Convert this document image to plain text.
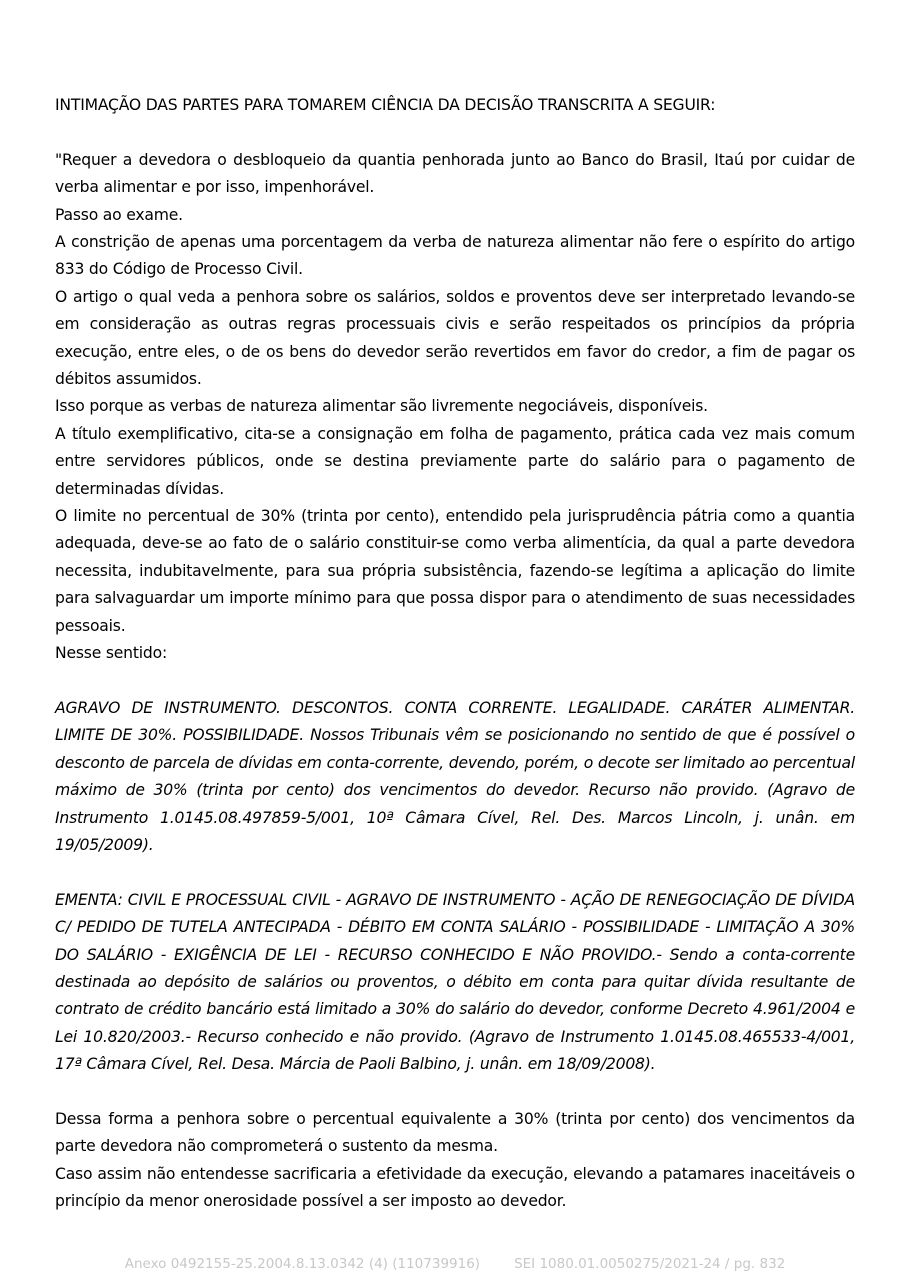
INTIMAÇÃO DAS PARTES PARA TOMAREM CIÊNCIA DA DECISÃO TRANSCRITA A SEGUIR:

"Requer a devedora o desbloqueio da quantia penhorada junto ao Banco do Brasil, Itaú por cuidar de verba alimentar e por isso, impenhorável.

Passo ao exame.

A constrição de apenas uma porcentagem da verba de natureza alimentar não fere o espírito do artigo 833 do Código de Processo Civil.

O artigo o qual veda a penhora sobre os salários, soldos e proventos deve ser interpretado levando-se em consideração as outras regras processuais civis e serão respeitados os princípios da própria execução, entre eles, o de os bens do devedor serão revertidos em favor do credor, a fim de pagar os débitos assumidos.

Isso porque as verbas de natureza alimentar são livremente negociáveis, disponíveis.

A título exemplificativo, cita-se a consignação em folha de pagamento, prática cada vez mais comum entre servidores públicos, onde se destina previamente parte do salário para o pagamento de determinadas dívidas.

O limite no percentual de 30% (trinta por cento), entendido pela jurisprudência pátria como a quantia adequada, deve-se ao fato de o salário constituir-se como verba alimentícia, da qual a parte devedora necessita, indubitavelmente, para sua própria subsistência, fazendo-se legítima a aplicação do limite para salvaguardar um importe mínimo para que possa dispor para o atendimento de suas necessidades pessoais.

Nesse sentido:

AGRAVO DE INSTRUMENTO. DESCONTOS. CONTA CORRENTE. LEGALIDADE. CARÁTER ALIMENTAR. LIMITE DE 30%. POSSIBILIDADE. Nossos Tribunais vêm se posicionando no sentido de que é possível o desconto de parcela de dívidas em conta-corrente, devendo, porém, o decote ser limitado ao percentual máximo de 30% (trinta por cento) dos vencimentos do devedor. Recurso não provido. (Agravo de Instrumento 1.0145.08.497859-5/001, 10ª Câmara Cível, Rel. Des. Marcos Lincoln, j. unân. em 19/05/2009).

EMENTA: CIVIL E PROCESSUAL CIVIL - AGRAVO DE INSTRUMENTO - AÇÃO DE RENEGOCIAÇÃO DE DÍVIDA C/ PEDIDO DE TUTELA ANTECIPADA - DÉBITO EM CONTA SALÁRIO - POSSIBILIDADE - LIMITAÇÃO A 30% DO SALÁRIO - EXIGÊNCIA DE LEI - RECURSO CONHECIDO E NÃO PROVIDO.- Sendo a conta-corrente destinada ao depósito de salários ou proventos, o débito em conta para quitar dívida resultante de contrato de crédito bancário está limitado a 30% do salário do devedor, conforme Decreto 4.961/2004 e Lei 10.820/2003.- Recurso conhecido e não provido. (Agravo de Instrumento 1.0145.08.465533-4/001, 17ª Câmara Cível, Rel. Desa. Márcia de Paoli Balbino, j. unân. em 18/09/2008).

Dessa forma a penhora sobre o percentual equivalente a 30% (trinta por cento) dos vencimentos da parte devedora não comprometerá o sustento da mesma.

Caso assim não entendesse sacrificaria a efetividade da execução, elevando a patamares inaceitáveis o princípio da menor onerosidade possível a ser imposto ao devedor.

Anexo 0492155-25.2004.8.13.0342 (4) (110739916)	SEI 1080.01.0050275/2021-24 / pg. 832
